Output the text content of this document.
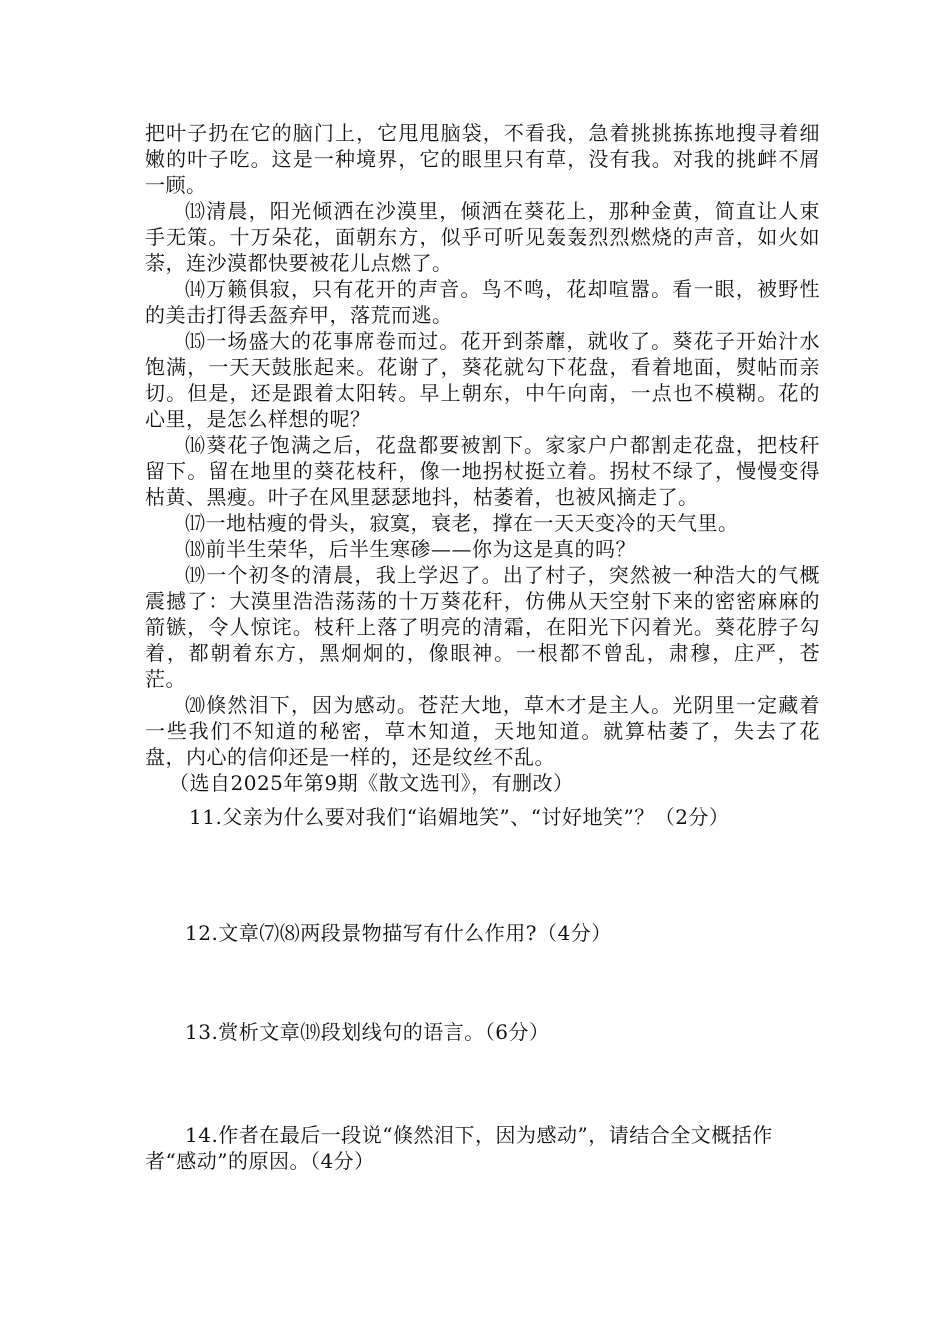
把叶子扔在它的脑门上，它甩甩脑袋，不看我，急着挑挑拣拣地搜寻着细嫩的叶子吃。这是一种境界，它的眼里只有草，没有我。对我的挑衅不屑一顾。

⒀清晨，阳光倾洒在沙漠里，倾洒在葵花上，那种金黄，简直让人束手无策。十万朵花，面朝东方，似乎可听见轰轰烈烈燃烧的声音，如火如荼，连沙漠都快要被花儿点燃了。

⒁万籁俱寂，只有花开的声音。鸟不鸣，花却喧嚣。看一眼，被野性的美击打得丢盔弃甲，落荒而逃。

⒂一场盛大的花事席卷而过。花开到荼蘼，就收了。葵花子开始汁水饱满，一天天鼓胀起来。花谢了，葵花就勾下花盘，看着地面，熨帖而亲切。但是，还是跟着太阳转。早上朝东，中午向南，一点也不模糊。花的心里，是怎么样想的呢？

⒃葵花子饱满之后，花盘都要被割下。家家户户都割走花盘，把枝秆留下。留在地里的葵花枝秆，像一地拐杖挺立着。拐杖不绿了，慢慢变得枯黄、黑瘦。叶子在风里瑟瑟地抖，枯萎着，也被风摘走了。

⒄一地枯瘦的骨头，寂寞，衰老，撑在一天天变冷的天气里。

⒅前半生荣华，后半生寒碜——你为这是真的吗？

⒆一个初冬的清晨，我上学迟了。出了村子，突然被一种浩大的气概震撼了：大漠里浩浩荡荡的十万葵花秆，仿佛从天空射下来的密密麻麻的箭镞，令人惊诧。枝秆上落了明亮的清霜，在阳光下闪着光。葵花脖子勾着，都朝着东方，黑炯炯的，像眼神。一根都不曾乱，肃穆，庄严，苍茫。

⒇倏然泪下，因为感动。苍茫大地，草木才是主人。光阴里一定藏着一些我们不知道的秘密，草木知道，天地知道。就算枯萎了，失去了花盘，内心的信仰还是一样的，还是纹丝不乱。

（选自2025年第9期《散文选刊》，有删改）

11.父亲为什么要对我们“谄媚地笑”、“讨好地笑”？（2分）

12.文章⑺⑻两段景物描写有什么作用?（4分）

13.赏析文章⒆段划线句的语言。（6分）

14.作者在最后一段说“倏然泪下，因为感动”，请结合全文概括作者“感动”的原因。（4分）
